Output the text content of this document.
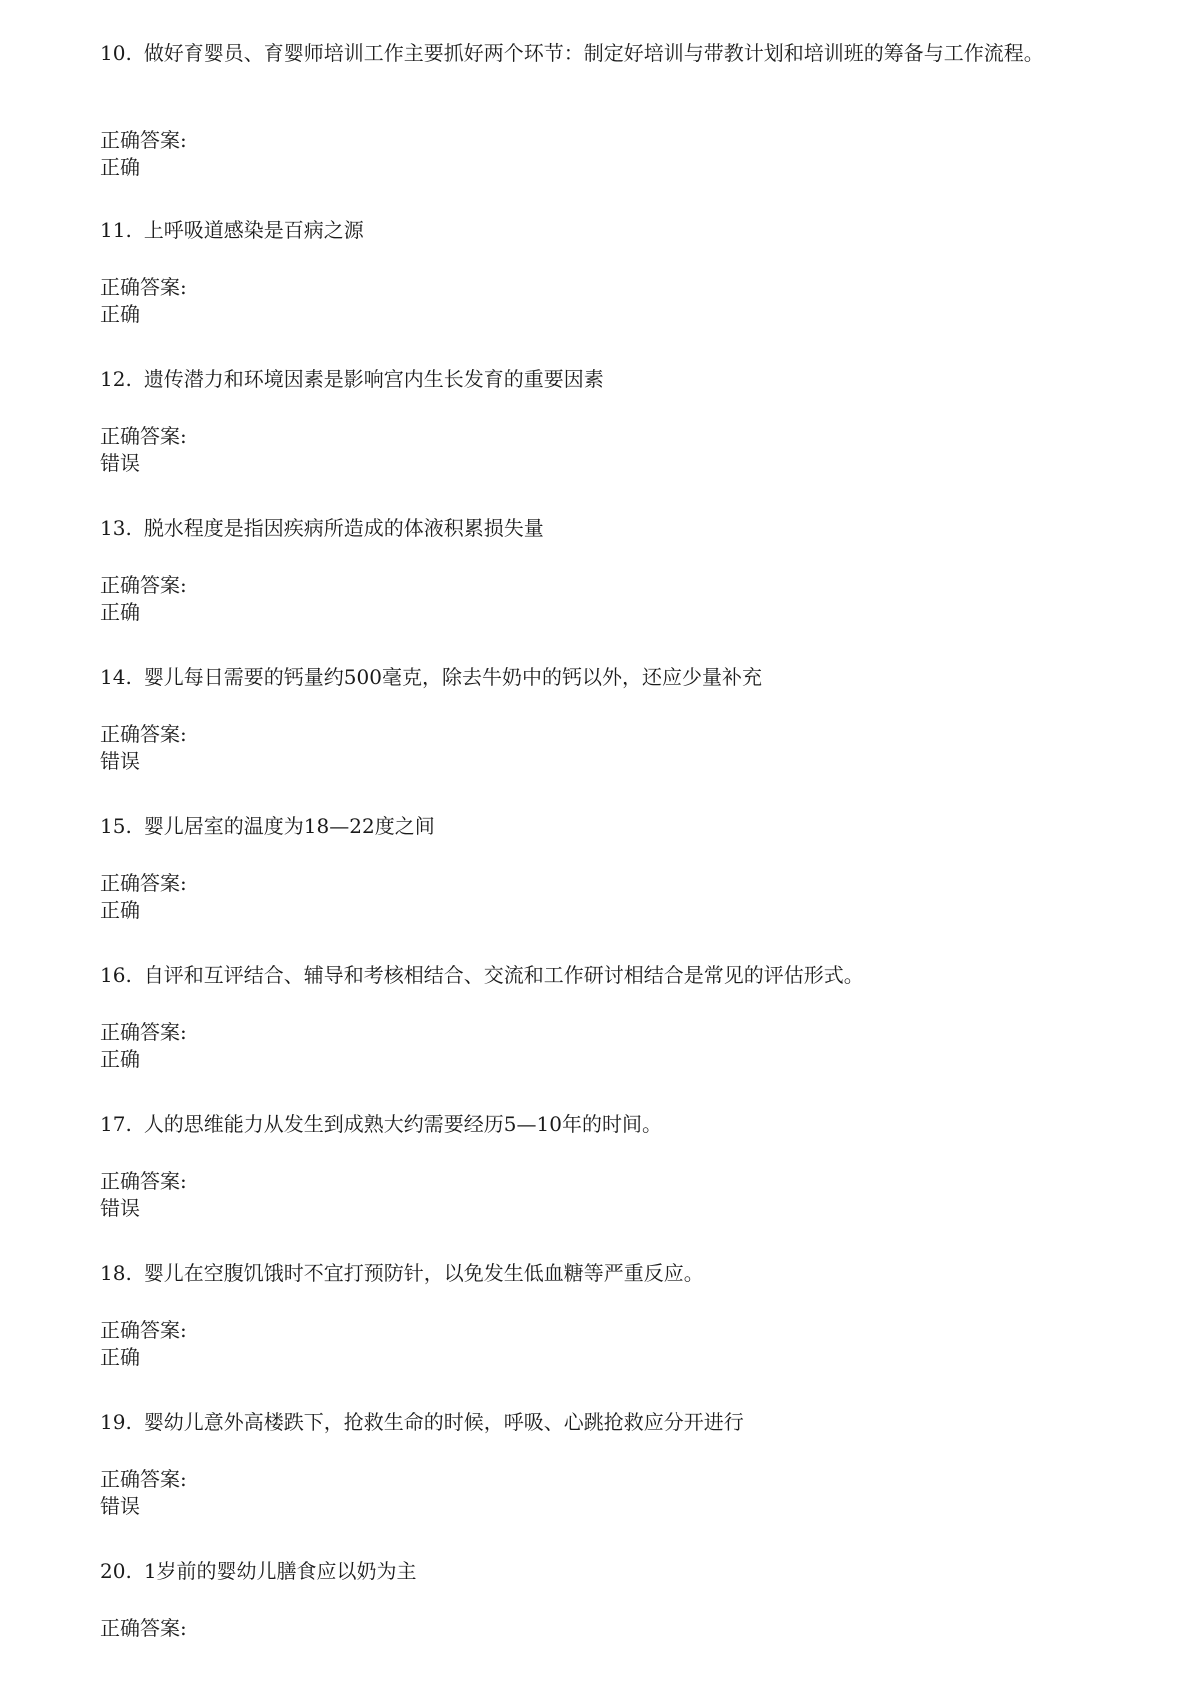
10. 做好育婴员、育婴师培训工作主要抓好两个环节：制定好培训与带教计划和培训班的筹备与工作流程。

正确答案:

正确

11. 上呼吸道感染是百病之源

正确答案:

正确

12. 遗传潜力和环境因素是影响宫内生长发育的重要因素

正确答案:

错误

13. 脱水程度是指因疾病所造成的体液积累损失量

正确答案:

正确

14. 婴儿每日需要的钙量约500毫克，除去牛奶中的钙以外，还应少量补充

正确答案:

错误

15. 婴儿居室的温度为18—22度之间

正确答案:

正确

16. 自评和互评结合、辅导和考核相结合、交流和工作研讨相结合是常见的评估形式。

正确答案:

正确

17. 人的思维能力从发生到成熟大约需要经历5—10年的时间。

正确答案:

错误

18. 婴儿在空腹饥饿时不宜打预防针，以免发生低血糖等严重反应。

正确答案:

正确

19. 婴幼儿意外高楼跌下，抢救生命的时候，呼吸、心跳抢救应分开进行

正确答案:

错误

20. 1岁前的婴幼儿膳食应以奶为主

正确答案:
